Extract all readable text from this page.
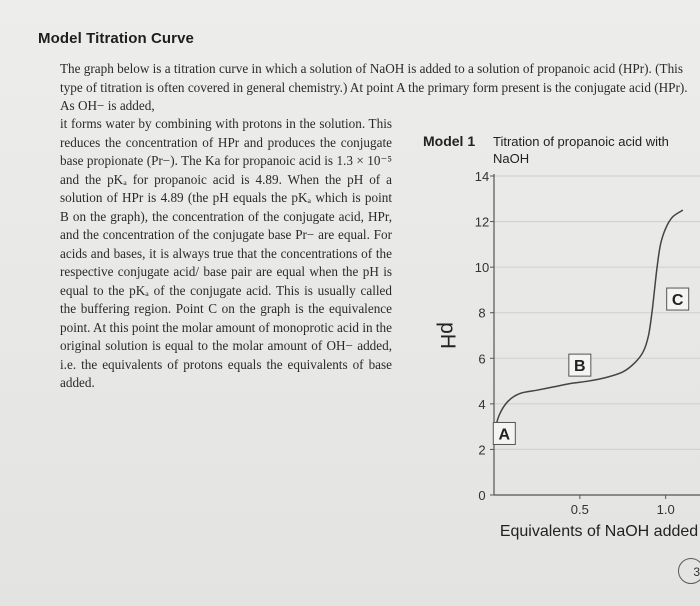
Model Titration Curve

The graph below is a titration curve in which a solution of NaOH is added to a solution of propanoic acid (HPr). (This type of titration is often covered in general chemistry.) At point A the primary form present is the conjugate acid (HPr). As OH− is added,

it forms water by combining with protons in the solution. This reduces the concentration of HPr and produces the conjugate base propionate (Pr−). The Ka for propanoic acid is 1.3 × 10⁻⁵ and the pKₐ for propanoic acid is 4.89. When the pH of a solution of HPr is 4.89 (the pH equals the pKₐ which is point B on the graph), the concentration of the conjugate acid, HPr, and the concentration of the conjugate base Pr− are equal. For acids and bases, it is always true that the concentrations of the respective conjugate acid/ base pair are equal when the pH is equal to the pKₐ of the conjugate acid. This is usually called the buffering region. Point C on the graph is the equivalence point. At this point the molar amount of monoprotic acid in the original solution is equal to the molar amount of OH− added, i.e. the equivalents of protons equals the equivalents of base added.

Model 1 Titration of propanoic acid with
NaOH
0
2
4
6
8
10
12
14
0.5	1.0
pH
Equivalents of NaOH added
A
B
C
3
